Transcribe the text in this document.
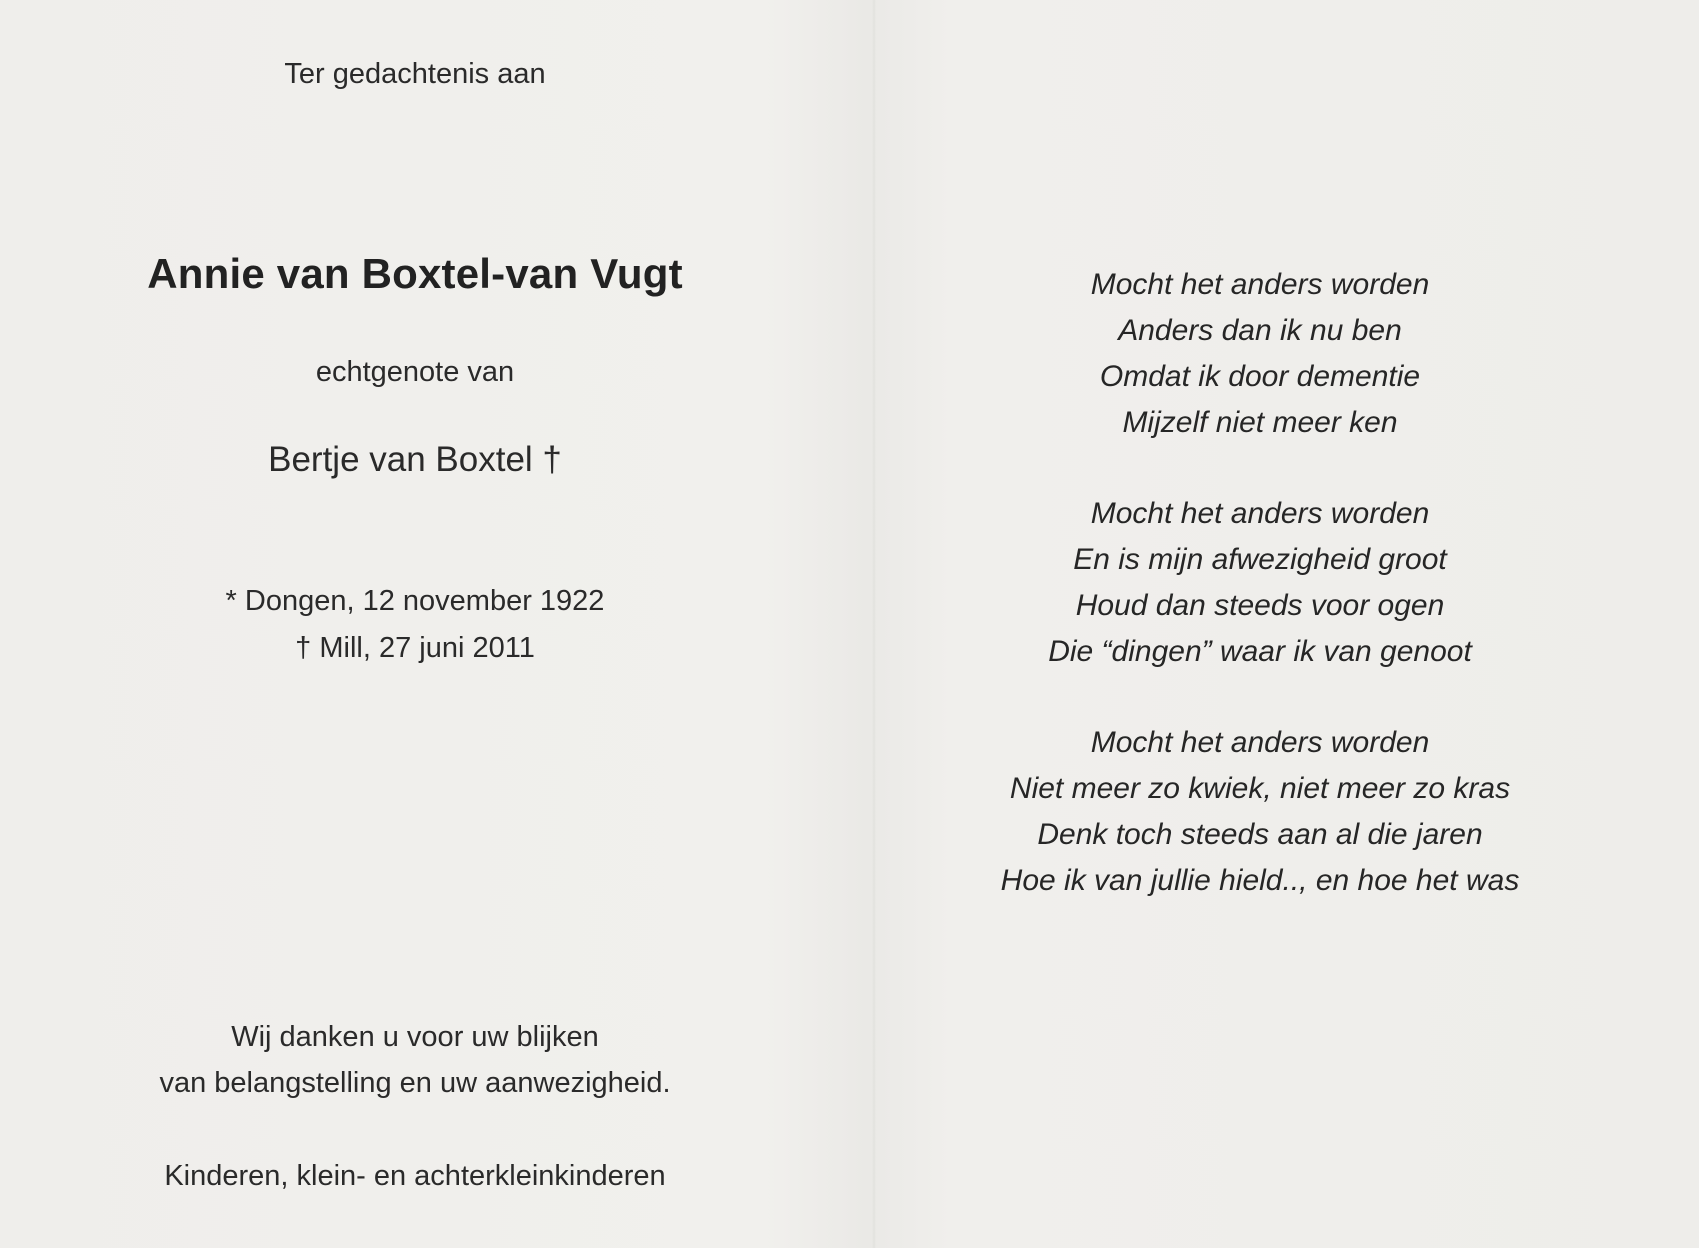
Ter gedachtenis aan
Annie van Boxtel-van Vugt
echtgenote van
Bertje van Boxtel †
* Dongen, 12 november 1922
† Mill, 27 juni 2011
Wij danken u voor uw blijken
van belangstelling en uw aanwezigheid.
Kinderen, klein- en achterkleinkinderen
Mocht het anders worden
Anders dan ik nu ben
Omdat ik door dementie
Mijzelf niet meer ken
Mocht het anders worden
En is mijn afwezigheid groot
Houd dan steeds voor ogen
Die “dingen” waar ik van genoot
Mocht het anders worden
Niet meer zo kwiek, niet meer zo kras
Denk toch steeds aan al die jaren
Hoe ik van jullie hield.., en hoe het was
